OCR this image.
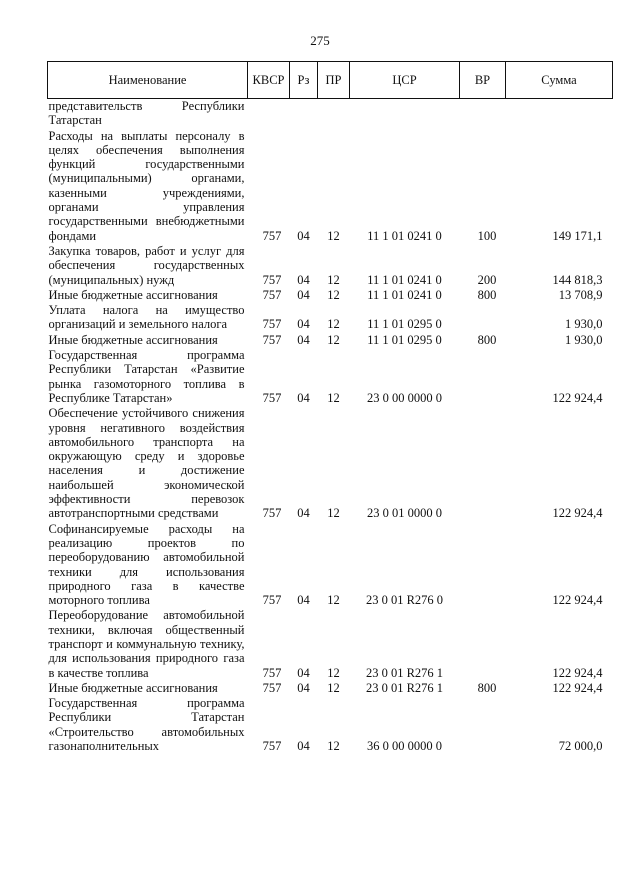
275
Наименование	КВСР	Рз	ПР	ЦСР	ВР	Сумма
представительств Республики Татарстан						
Расходы на выплаты персоналу в целях обеспечения выполнения функций государственными (муниципальными) органами, казенными учреждениями, органами управления государственными внебюджетными фондами	757	04	12	11 1 01 0241 0	100	149 171,1
Закупка товаров, работ и услуг для обеспечения государственных (муниципальных) нужд	757	04	12	11 1 01 0241 0	200	144 818,3
Иные бюджетные ассигнования	757	04	12	11 1 01 0241 0	800	13 708,9
Уплата налога на имущество организаций и земельного налога	757	04	12	11 1 01 0295 0		1 930,0
Иные бюджетные ассигнования	757	04	12	11 1 01 0295 0	800	1 930,0
Государственная программа Республики Татарстан «Развитие рынка газомоторного топлива в Республике Татарстан»	757	04	12	23 0 00 0000 0		122 924,4
Обеспечение устойчивого снижения уровня негативного воздействия автомобильного транспорта на окружающую среду и здоровье населения и достижение наибольшей экономической эффективности перевозок автотранспортными средствами	757	04	12	23 0 01 0000 0		122 924,4
Софинансируемые расходы на реализацию проектов по переоборудованию автомобильной техники для использования природного газа в качестве моторного топлива	757	04	12	23 0 01 R276 0		122 924,4
Переоборудование автомобильной техники, включая общественный транспорт и коммунальную технику, для использования природного газа в качестве топлива	757	04	12	23 0 01 R276 1		122 924,4
Иные бюджетные ассигнования	757	04	12	23 0 01 R276 1	800	122 924,4
Государственная программа Республики Татарстан «Строительство автомобильных газонаполнительных	757	04	12	36 0 00 0000 0		72 000,0
